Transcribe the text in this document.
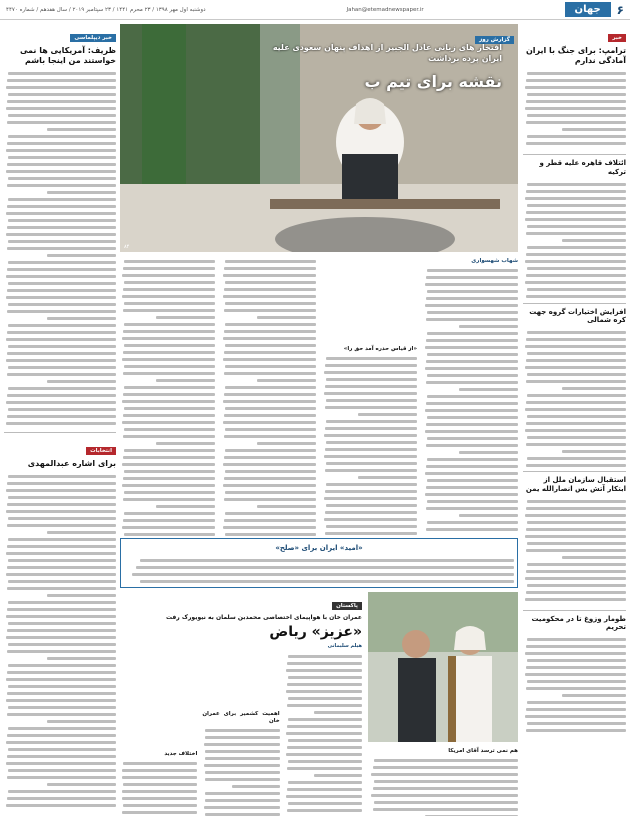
دوشنبه اول مهر ۱۳۹۸ / ۲۳ محرم ۱۴۴۱ / ۲۳ سپتامبر ۲۰۱۹ / سال هفدهم / شماره ۴۴۷۰	Jahan@etemadnewspaper.ir	جهان	۶
خبر
ترامپ: برای جنگ با ایران آمادگی ندارم
ائتلاف قاهره علیه قطر و ترکیه
افزایش اختیارات گروه جهت کره شمالی
استقبال سازمان ملل از ابتکار آتش بس انصارالله یمن
طومار وزوغ تا در محکومیت تحریم
گزارش روز
افتخار های زبانی عادل الجبیر از اهداف پنهان سعودی علیه ایران پرده برداشت
نقشه برای تیم ب
۸۴
شهاب شهسواری
«از قیاس حذره آمد حق را»
«امید» ایران برای «صلح»
هم نمی ترسد آقای امریکا
پاکستان
عمران خان با هواپیمای اختصاصی محمدبن سلمان به نیویورک رفت
«عزیز» ریاض
هیلم سلیمانی
اهمیت کشمیر برای عمران خان
اختلاف جدید
خبر دیپلماسی
ظریف: آمریکایی ها نمی خواستند من اینجا باشم
انتخابات
برای اشاره عبدالمهدی
